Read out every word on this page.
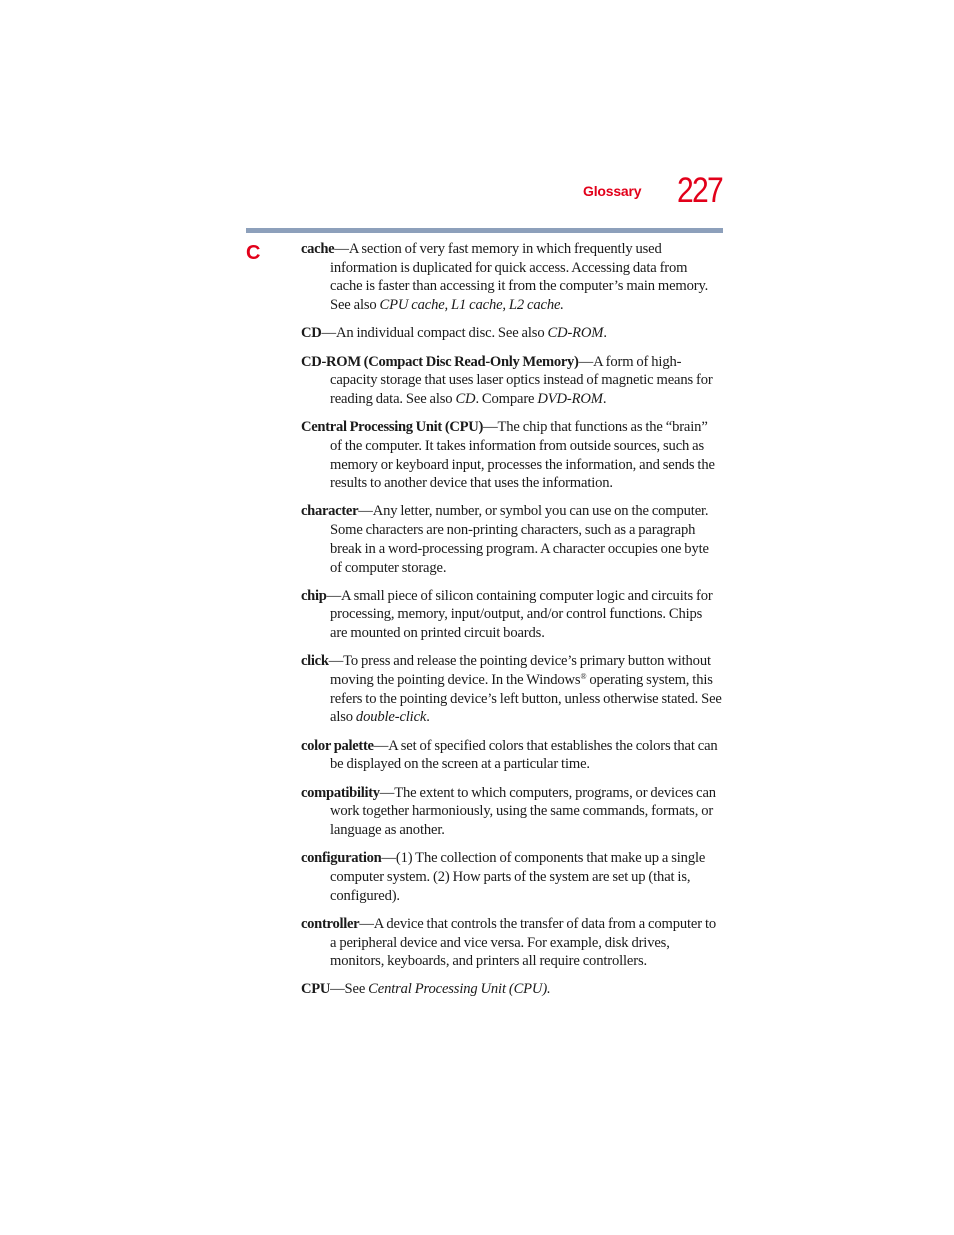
Glossary 227
C	cache—A section of very fast memory in which frequently used information is duplicated for quick access. Accessing data from cache is faster than accessing it from the computer’s main memory. See also CPU cache, L1 cache, L2 cache.

CD—An individual compact disc. See also CD-ROM.

CD-ROM (Compact Disc Read-Only Memory)—A form of high-capacity storage that uses laser optics instead of magnetic means for reading data. See also CD. Compare DVD-ROM.

Central Processing Unit (CPU)—The chip that functions as the “brain” of the computer. It takes information from outside sources, such as memory or keyboard input, processes the information, and sends the results to another device that uses the information.

character—Any letter, number, or symbol you can use on the computer. Some characters are non-printing characters, such as a paragraph break in a word-processing program. A character occupies one byte of computer storage.

chip—A small piece of silicon containing computer logic and circuits for processing, memory, input/output, and/or control functions. Chips are mounted on printed circuit boards.

click—To press and release the pointing device’s primary button without moving the pointing device. In the Windows® operating system, this refers to the pointing device’s left button, unless otherwise stated. See also double-click.

color palette—A set of specified colors that establishes the colors that can be displayed on the screen at a particular time.

compatibility—The extent to which computers, programs, or devices can work together harmoniously, using the same commands, formats, or language as another.

configuration—(1) The collection of components that make up a single computer system. (2) How parts of the system are set up (that is, configured).

controller—A device that controls the transfer of data from a computer to a peripheral device and vice versa. For example, disk drives, monitors, keyboards, and printers all require controllers.

CPU—See Central Processing Unit (CPU).
